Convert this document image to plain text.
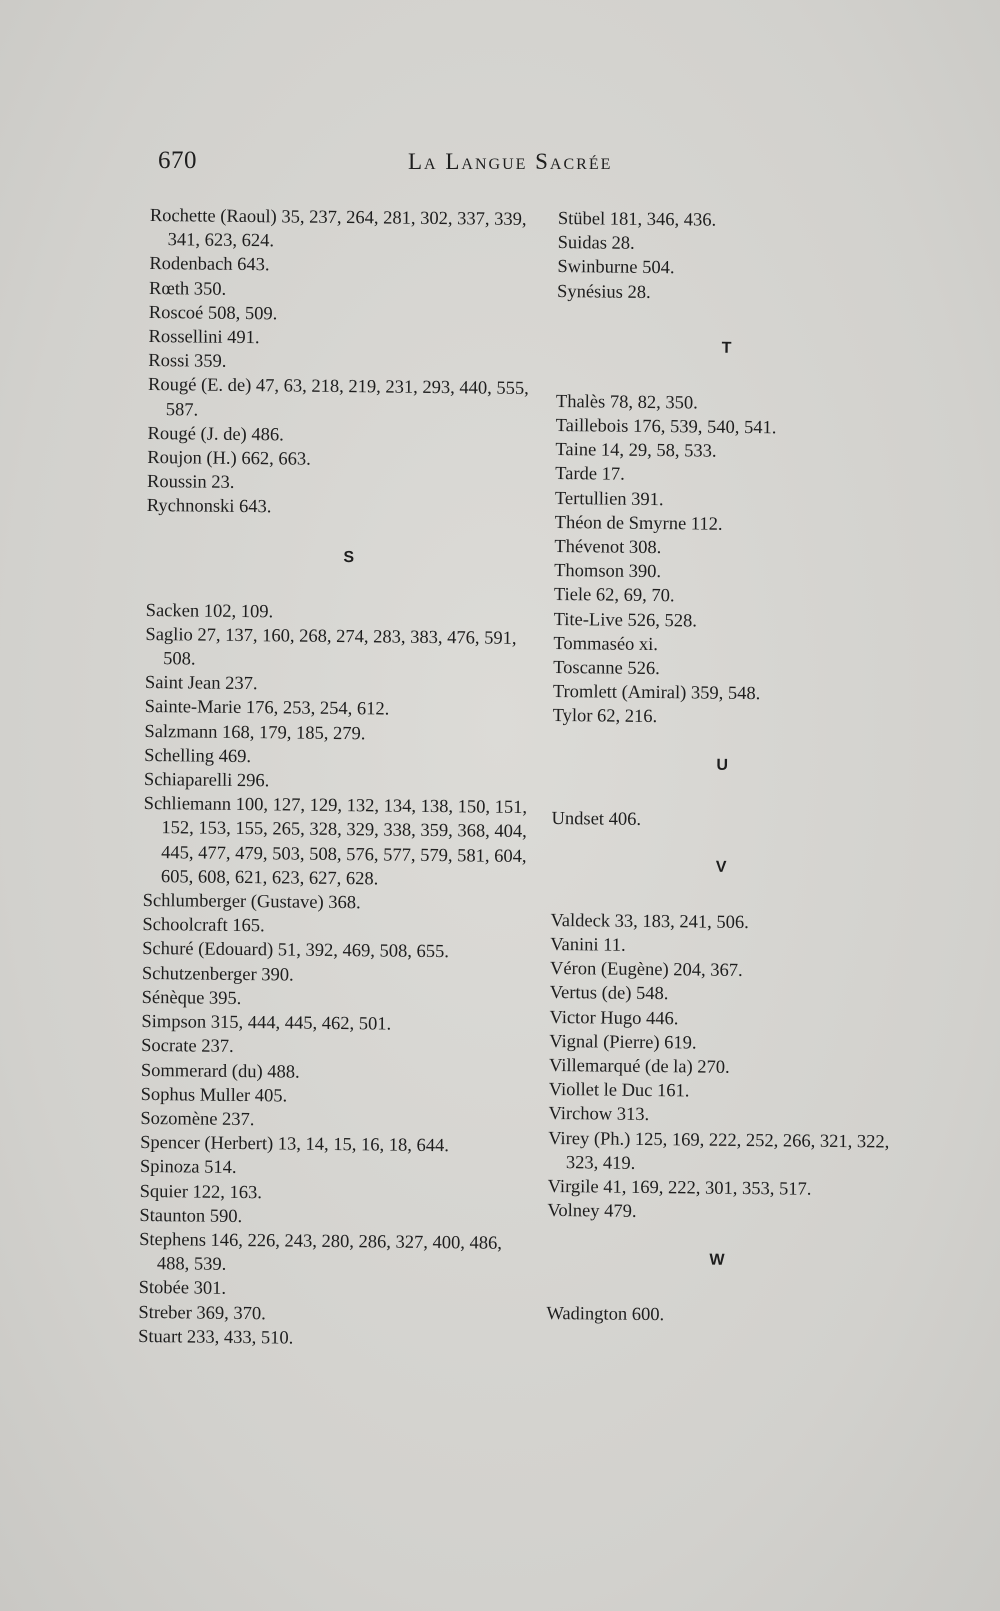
670	La Langue Sacrée
Rochette (Raoul) 35, 237, 264, 281, 302, 337, 339, 341, 623, 624.
Rodenbach 643.
Rœth 350.
Roscoé 508, 509.
Rossellini 491.
Rossi 359.
Rougé (E. de) 47, 63, 218, 219, 231, 293, 440, 555, 587.
Rougé (J. de) 486.
Roujon (H.) 662, 663.
Roussin 23.
Rychnonski 643.
S
Sacken 102, 109.
Saglio 27, 137, 160, 268, 274, 283, 383, 476, 591, 508.
Saint Jean 237.
Sainte-Marie 176, 253, 254, 612.
Salzmann 168, 179, 185, 279.
Schelling 469.
Schiaparelli 296.
Schliemann 100, 127, 129, 132, 134, 138, 150, 151, 152, 153, 155, 265, 328, 329, 338, 359, 368, 404, 445, 477, 479, 503, 508, 576, 577, 579, 581, 604, 605, 608, 621, 623, 627, 628.
Schlumberger (Gustave) 368.
Schoolcraft 165.
Schuré (Edouard) 51, 392, 469, 508, 655.
Schutzenberger 390.
Sénèque 395.
Simpson 315, 444, 445, 462, 501.
Socrate 237.
Sommerard (du) 488.
Sophus Muller 405.
Sozomène 237.
Spencer (Herbert) 13, 14, 15, 16, 18, 644.
Spinoza 514.
Squier 122, 163.
Staunton 590.
Stephens 146, 226, 243, 280, 286, 327, 400, 486, 488, 539.
Stobée 301.
Streber 369, 370.
Stuart 233, 433, 510.
Stübel 181, 346, 436.
Suidas 28.
Swinburne 504.
Synésius 28.
T
Thalès 78, 82, 350.
Taillebois 176, 539, 540, 541.
Taine 14, 29, 58, 533.
Tarde 17.
Tertullien 391.
Théon de Smyrne 112.
Thévenot 308.
Thomson 390.
Tiele 62, 69, 70.
Tite-Live 526, 528.
Tommaséo xi.
Toscanne 526.
Tromlett (Amiral) 359, 548.
Tylor 62, 216.
U
Undset 406.
V
Valdeck 33, 183, 241, 506.
Vanini 11.
Véron (Eugène) 204, 367.
Vertus (de) 548.
Victor Hugo 446.
Vignal (Pierre) 619.
Villemarqué (de la) 270.
Viollet le Duc 161.
Virchow 313.
Virey (Ph.) 125, 169, 222, 252, 266, 321, 322, 323, 419.
Virgile 41, 169, 222, 301, 353, 517.
Volney 479.
W
Wadington 600.
